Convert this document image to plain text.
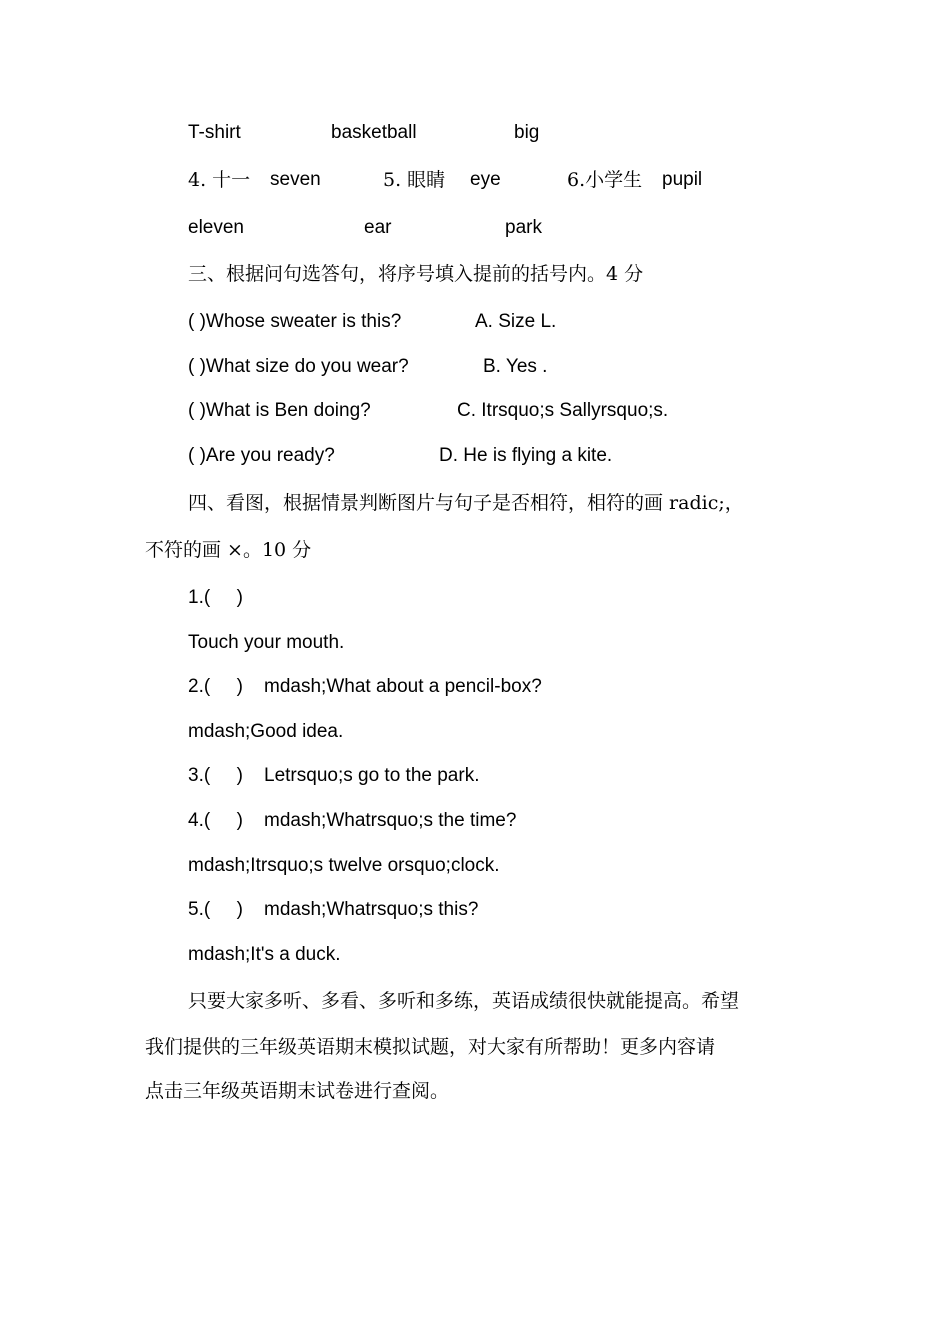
T-shirt	basketball	big
4. 十一 seven	5. 眼睛 eye	6.小学生 pupil
eleven	ear	park
三、根据问句选答句，将序号填入提前的括号内。4 分
( )Whose sweater is this?	A. Size L.
( )What size do you wear?	B. Yes .
( )What is Ben doing?	C. Itrsquo;s Sallyrsquo;s.
( )Are you ready?	D. He is flying a kite.
四、看图，根据情景判断图片与句子是否相符，相符的画 radic;，
不符的画 ×。10 分
1.(     )
Touch your mouth.
2.(     )    mdash;What about a pencil-box?
mdash;Good idea.
3.(     )    Letrsquo;s go to the park.
4.(     )    mdash;Whatrsquo;s the time?
mdash;Itrsquo;s twelve orsquo;clock.
5.(     )    mdash;Whatrsquo;s this?
mdash;It's a duck.
只要大家多听、多看、多听和多练，英语成绩很快就能提高。希望
我们提供的三年级英语期末模拟试题，对大家有所帮助！更多内容请
点击三年级英语期末试卷进行查阅。
